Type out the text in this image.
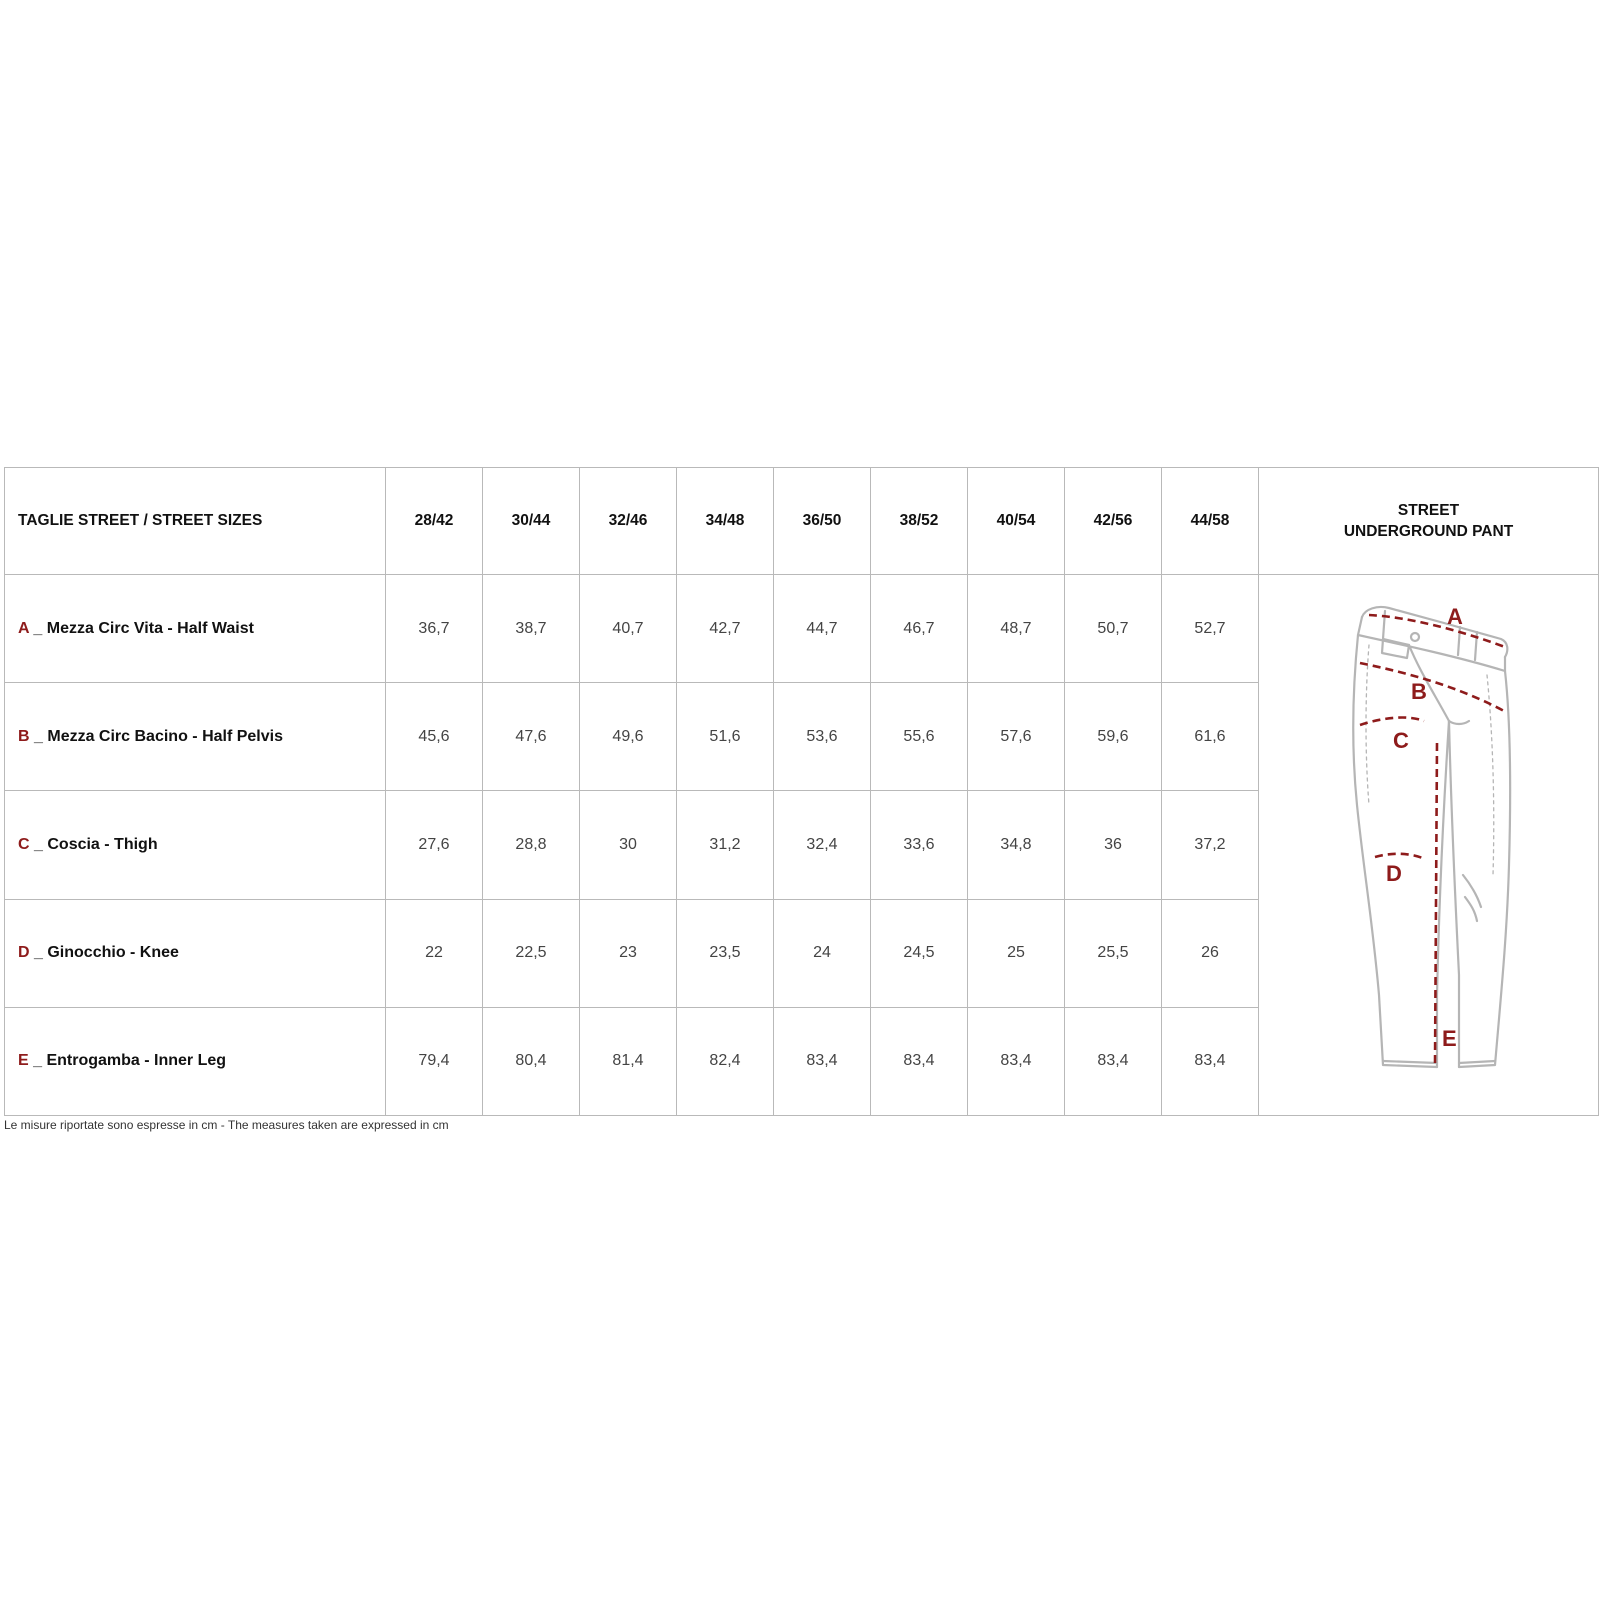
TAGLIE STREET / STREET SIZES	28/42	30/44	32/46	34/48	36/50	38/52	40/54	42/56	44/58	STREET
UNDERGROUND PANT

A _ Mezza Circ Vita - Half Waist	36,7	38,7	40,7	42,7	44,7	46,7	48,7	50,7	52,7	A
B
C
D
E

B _ Mezza Circ Bacino - Half Pelvis	45,6	47,6	49,6	51,6	53,6	55,6	57,6	59,6	61,6	
C _ Coscia - Thigh	27,6	28,8	30	31,2	32,4	33,6	34,8	36	37,2	
D _ Ginocchio - Knee	22	22,5	23	23,5	24	24,5	25	25,5	26	
E _ Entrogamba - Inner Leg	79,4	80,4	81,4	82,4	83,4	83,4	83,4	83,4	83,4	
Le misure riportate sono espresse in cm - The measures taken are expressed in cm
